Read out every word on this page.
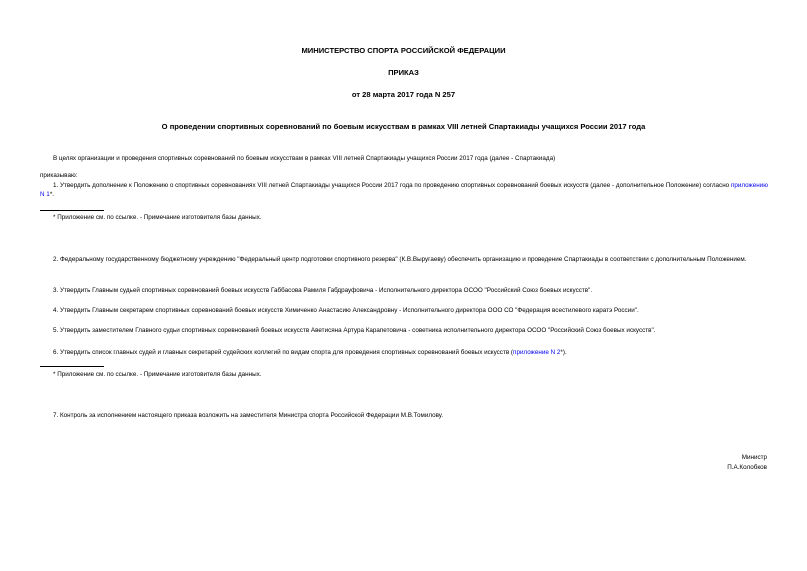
МИНИСТЕРСТВО СПОРТА РОССИЙСКОЙ ФЕДЕРАЦИИ
ПРИКАЗ
от 28 марта 2017 года N 257
О проведении спортивных соревнований по боевым искусствам в рамках VIII летней Спартакиады учащихся России 2017 года
В целях организации и проведения спортивных соревнований по боевым искусствам в рамках VIII летней Спартакиады учащихся России 2017 года (далее - Спартакиада)
приказываю:
1. Утвердить дополнение к Положению о спортивных соревнованиях VIII летней Спартакиады учащихся России 2017 года по проведению спортивных соревнований боевых искусств (далее - дополнительное Положение) согласно приложению N 1*.
* Приложение см. по ссылке. - Примечание изготовителя базы данных.
2. Федеральному государственному бюджетному учреждению "Федеральный центр подготовки спортивного резерва" (К.В.Выругаеву) обеспечить организацию и проведение Спартакиады в соответствии с дополнительным Положением.
3. Утвердить Главным судьей спортивных соревнований боевых искусств Габбасова Рамиля Габдрауфовича - Исполнительного директора ОСОО "Российский Союз боевых искусств".
4. Утвердить Главным секретарем спортивных соревнований боевых искусств Химиченко Анастасию Александровну - Исполнительного директора ООО СО "Федерация всестилевого каратэ России".
5. Утвердить заместителем Главного судьи спортивных соревнований боевых искусств Аветисяна Артура Карапетовича - советника исполнительного директора ОСОО "Российский Союз боевых искусств".
6. Утвердить список главных судей и главных секретарей судейских коллегий по видам спорта для проведения спортивных соревнований боевых искусств (приложение N 2*).
* Приложение см. по ссылке. - Примечание изготовителя базы данных.
7. Контроль за исполнением настоящего приказа возложить на заместителя Министра спорта Российской Федерации М.В.Томилову.
Министр
П.А.Колобков
